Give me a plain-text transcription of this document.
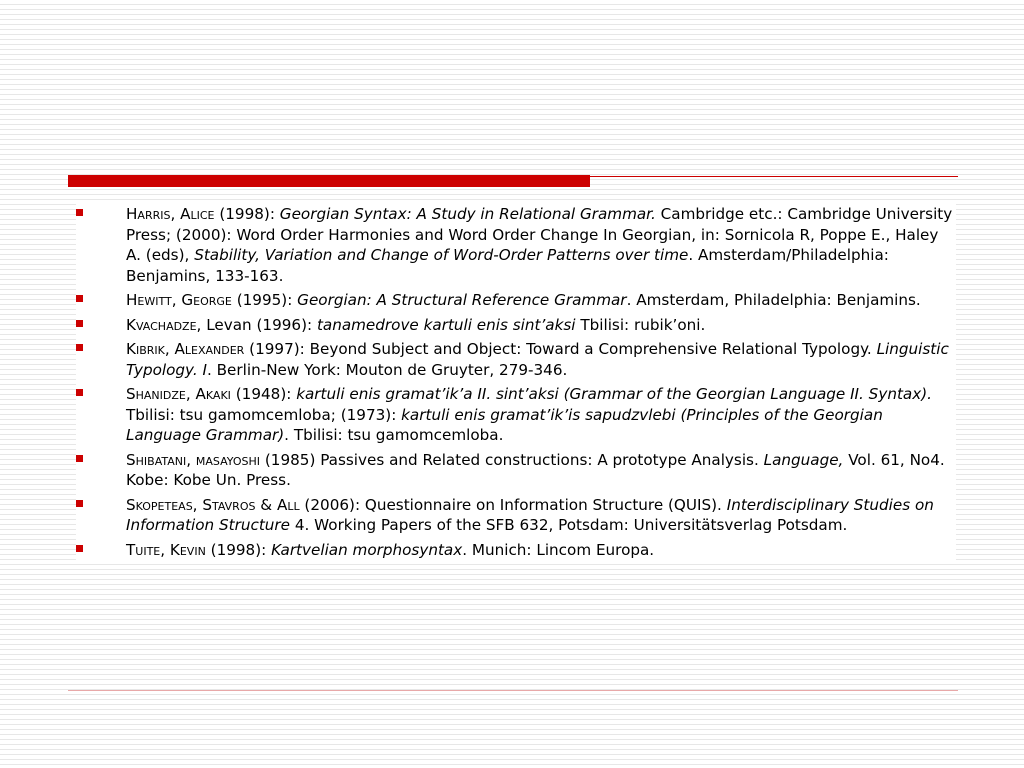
Harris, Alice (1998): Georgian Syntax: A Study in Relational Grammar. Cambridge etc.: Cambridge University Press; (2000): Word Order Harmonies and Word Order Change In Georgian, in: Sornicola R, Poppe E., Haley A. (eds), Stability, Variation and Change of Word-Order Patterns over time. Amsterdam/Philadelphia: Benjamins, 133-163.
Hewitt, George (1995): Georgian: A Structural Reference Grammar. Amsterdam, Philadelphia: Benjamins.
Kvachadze, Levan (1996): tanamedrove kartuli enis sint’aksi Tbilisi: rubik’oni.
Kibrik, Alexander (1997): Beyond Subject and Object: Toward a Comprehensive Relational Typology. Linguistic Typology. I. Berlin-New York: Mouton de Gruyter, 279-346.
Shanidze, Akaki (1948): kartuli enis gramat’ik’a II. sint’aksi (Grammar of the Georgian Language II. Syntax). Tbilisi: tsu gamomcemloba; (1973): kartuli enis gramat’ik’is sapudzvlebi (Principles of the Georgian Language Grammar). Tbilisi: tsu gamomcemloba.
Shibatani, masayoshi (1985) Passives and Related constructions: A prototype Analysis. Language, Vol. 61, No4. Kobe: Kobe Un. Press.
Skopeteas, Stavros & All (2006): Questionnaire on Information Structure (QUIS). Interdisciplinary Studies on Information Structure 4. Working Papers of the SFB 632, Potsdam: Universitätsverlag Potsdam.
Tuite, Kevin (1998): Kartvelian morphosyntax. Munich: Lincom Europa.
